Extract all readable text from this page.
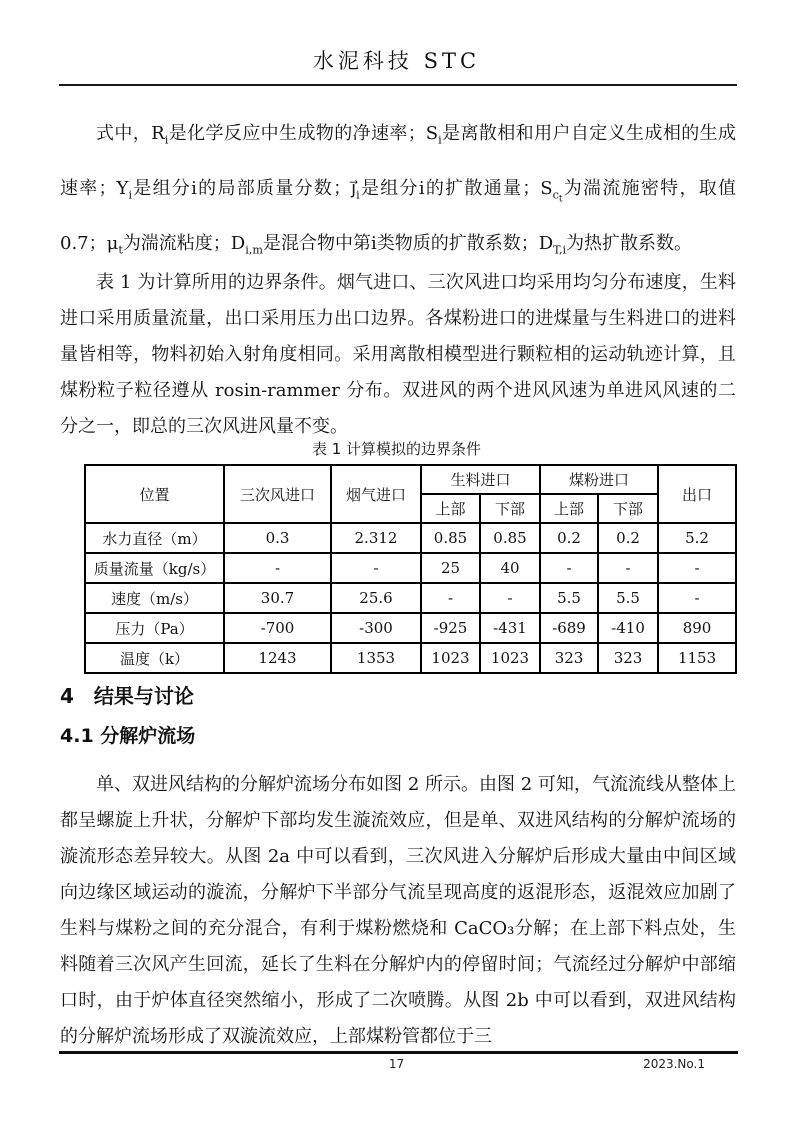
水泥科技 STC

式中，$R_i$是化学反应中生成物的净速率；$S_i$是离散相和用户自定义生成相的生成速率；$Y_i$是组分i的局部质量分数；$j⃗_i$是组分i的扩散通量；$S_{ct}$为湍流施密特，取值 0.7；$\mu_t$为湍流粘度；$D_{i,m}$是混合物中第i类物质的扩散系数；$D_{T,i}$为热扩散系数。

表 1 为计算所用的边界条件。烟气进口、三次风进口均采用均匀分布速度，生料进口采用质量流量，出口采用压力出口边界。各煤粉进口的进煤量与生料进口的进料量皆相等，物料初始入射角度相同。采用离散相模型进行颗粒相的运动轨迹计算，且煤粉粒子粒径遵从 rosin-rammer 分布。双进风的两个进风风速为单进风风速的二分之一，即总的三次风进风量不变。

表 1 计算模拟的边界条件
位置	三次风进口	烟气进口	生料进口		煤粉进口		出口
			上部	下部	上部	下部	
水力直径（m）	0.3	2.312	0.85	0.85	0.2	0.2	5.2
质量流量（kg/s）	-	-	25	40	-	-	-
速度（m/s）	30.7	25.6	-	-	5.5	5.5	-
压力（Pa）	-700	-300	-925	-431	-689	-410	890
温度（k）	1243	1353	1023	1023	323	323	1153
4　结果与讨论
4.1 分解炉流场

单、双进风结构的分解炉流场分布如图 2 所示。由图 2 可知，气流流线从整体上都呈螺旋上升状，分解炉下部均发生漩流效应，但是单、双进风结构的分解炉流场的漩流形态差异较大。从图 2a 中可以看到，三次风进入分解炉后形成大量由中间区域向边缘区域运动的漩流，分解炉下半部分气流呈现高度的返混形态，返混效应加剧了生料与煤粉之间的充分混合，有利于煤粉燃烧和 CaCO₃分解；在上部下料点处，生料随着三次风产生回流，延长了生料在分解炉内的停留时间；气流经过分解炉中部缩口时，由于炉体直径突然缩小，形成了二次喷腾。从图 2b 中可以看到，双进风结构的分解炉流场形成了双漩流效应，上部煤粉管都位于三

17	2023.No.1
